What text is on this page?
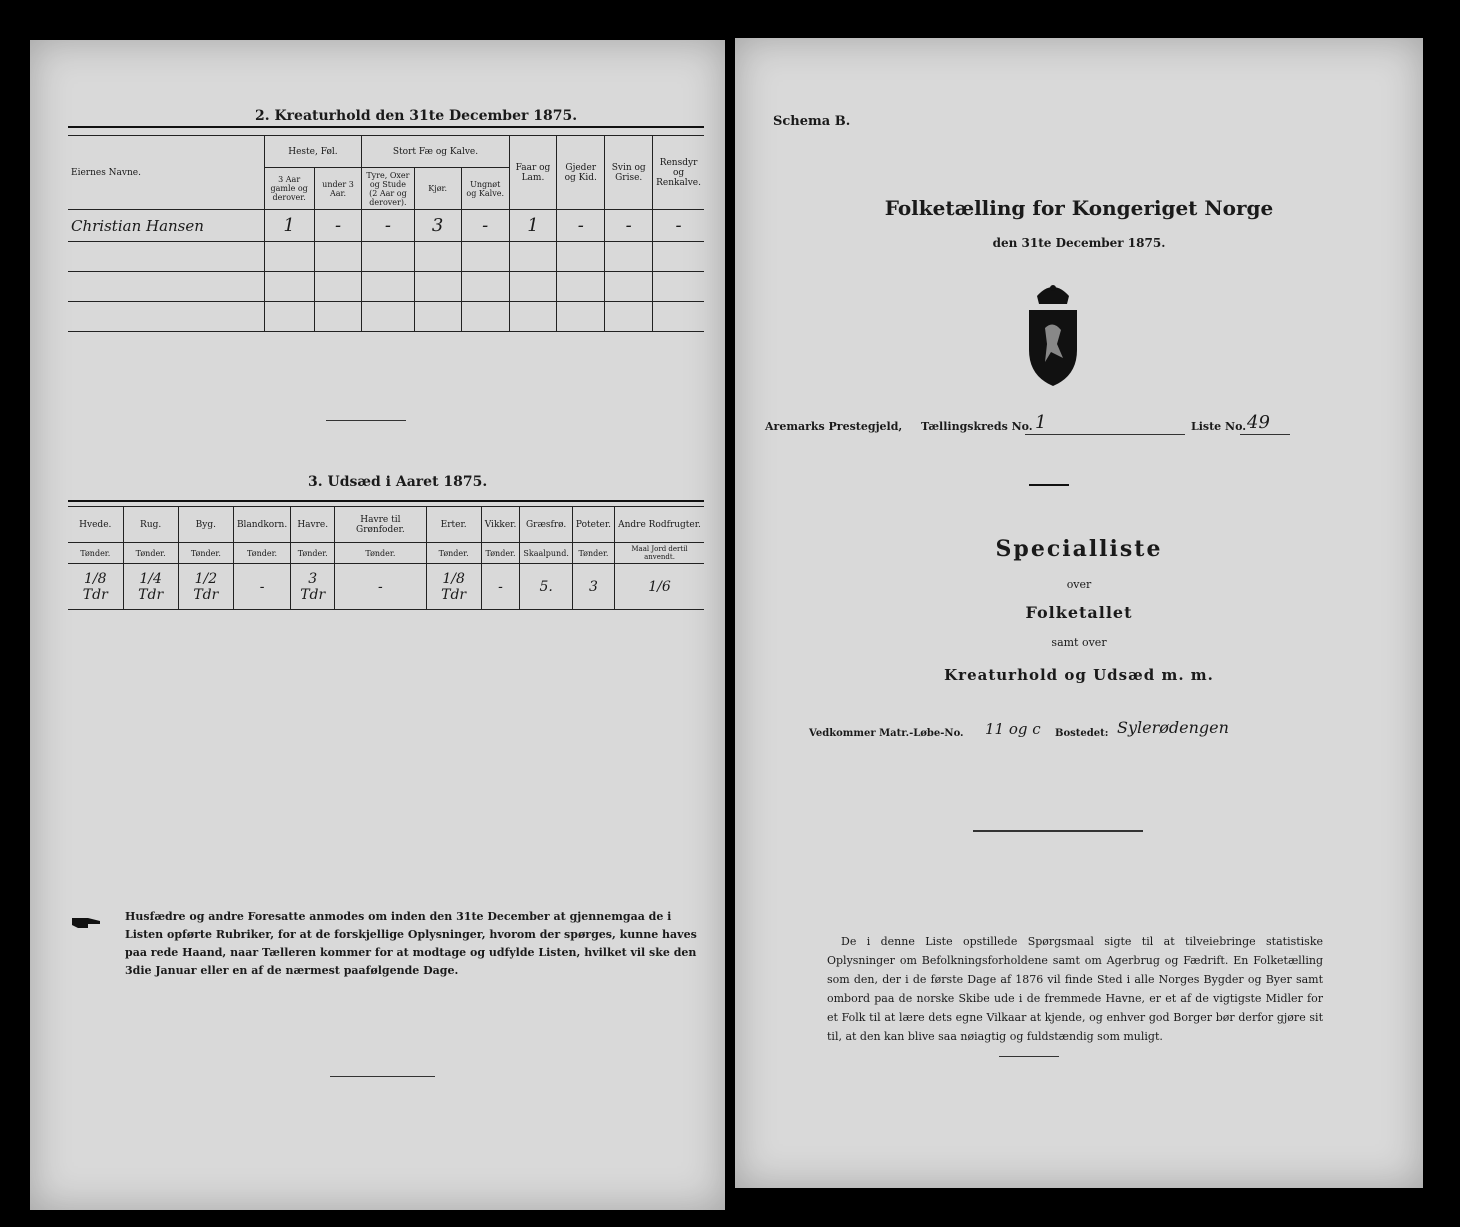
2. Kreaturhold den 31te December 1875.
Eiernes Navne.	Heste, Føl.		Stort Fæ og Kalve.			Faar og Lam.	Gjeder og Kid.	Svin og Grise.	Rensdyr og Renkalve.
	3 Aar gamle og derover.	under 3 Aar.	Tyre, Oxer og Stude (2 Aar og derover).	Kjør.	Ungnøt og Kalve.				
Christian Hansen	1	-	-	3	-	1	-	-	-

3. Udsæd i Aaret 1875.
Hvede.	Rug.	Byg.	Blandkorn.	Havre.	Havre til Grønfoder.	Erter.	Vikker.	Græsfrø.	Poteter.	Andre Rodfrugter.
Tønder.	Tønder.	Tønder.	Tønder.	Tønder.	Tønder.	Tønder.	Tønder.	Skaalpund.	Tønder.	Maal Jord dertil anvendt.
1/8 Tdr	1/4 Tdr	1/2 Tdr	-	3 Tdr	-	1/8 Tdr	-	5.	3	1/6
Husfædre og andre Foresatte anmodes om inden den 31te December at gjennemgaa de i Listen opførte Rubriker, for at de forskjellige Oplysninger, hvorom der spørges, kunne haves paa rede Haand, naar Tælleren kommer for at modtage og udfylde Listen, hvilket vil ske den 3die Januar eller en af de nærmest paafølgende Dage.
Schema B.
Folketælling for Kongeriget Norge
den 31te December 1875.
Aremarks Prestegjeld, Tællingskreds No. 1	Liste No. 49
Specialliste
over
Folketallet
samt over
Kreaturhold og Udsæd m. m.
Vedkommer Matr.-Løbe-No. 11 og c Bostedet: Sylerødengen
De i denne Liste opstillede Spørgsmaal sigte til at tilveiebringe statistiske Oplysninger om Befolkningsforholdene samt om Agerbrug og Fædrift. En Folketælling som den, der i de første Dage af 1876 vil finde Sted i alle Norges Bygder og Byer samt ombord paa de norske Skibe ude i de fremmede Havne, er et af de vigtigste Midler for et Folk til at lære dets egne Vilkaar at kjende, og enhver god Borger bør derfor gjøre sit til, at den kan blive saa nøiagtig og fuldstændig som muligt.
